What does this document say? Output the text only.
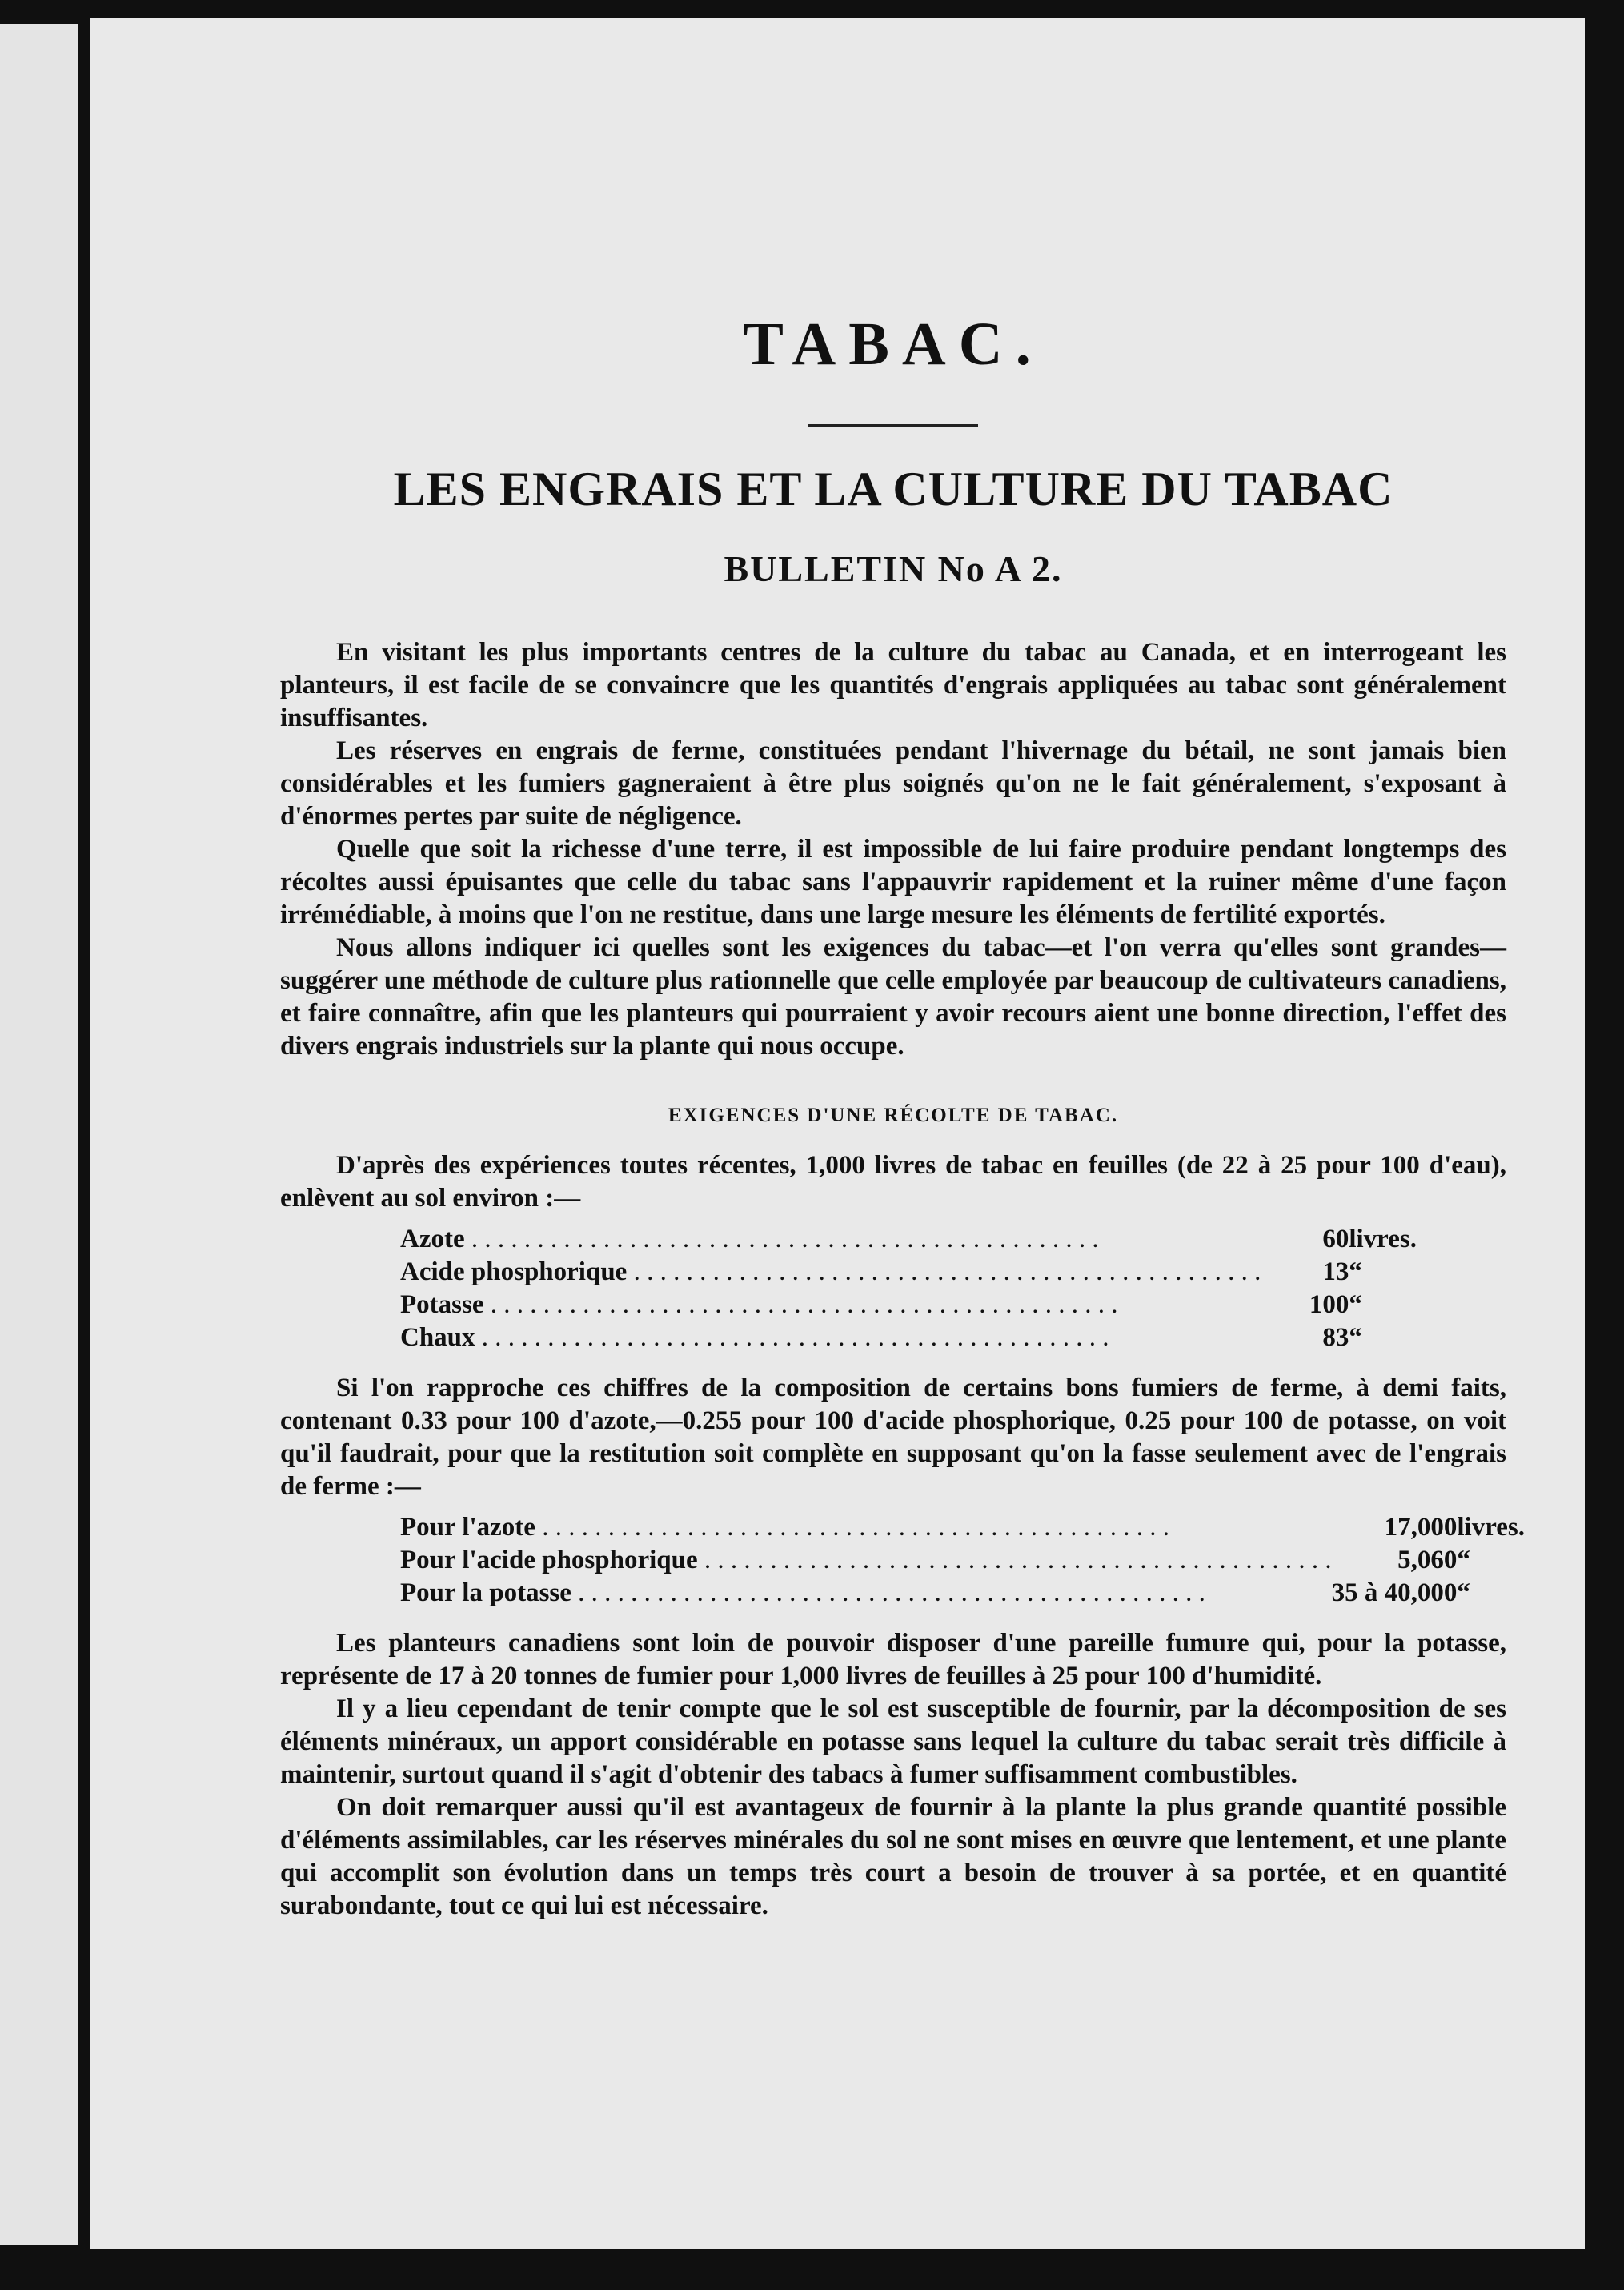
TABAC.
LES ENGRAIS ET LA CULTURE DU TABAC
BULLETIN No A 2.

En visitant les plus importants centres de la culture du tabac au Canada, et en interrogeant les planteurs, il est facile de se convaincre que les quantités d'engrais appliquées au tabac sont généralement insuffisantes.

Les réserves en engrais de ferme, constituées pendant l'hivernage du bétail, ne sont jamais bien considérables et les fumiers gagneraient à être plus soignés qu'on ne le fait généralement, s'exposant à d'énormes pertes par suite de négligence.

Quelle que soit la richesse d'une terre, il est impossible de lui faire produire pendant longtemps des récoltes aussi épuisantes que celle du tabac sans l'appauvrir rapidement et la ruiner même d'une façon irrémédiable, à moins que l'on ne restitue, dans une large mesure les éléments de fertilité exportés.

Nous allons indiquer ici quelles sont les exigences du tabac—et l'on verra qu'elles sont grandes—suggérer une méthode de culture plus rationnelle que celle employée par beaucoup de cultivateurs canadiens, et faire connaître, afin que les planteurs qui pourraient y avoir recours aient une bonne direction, l'effet des divers engrais industriels sur la plante qui nous occupe.

EXIGENCES D'UNE RÉCOLTE DE TABAC.

D'après des expériences toutes récentes, 1,000 livres de tabac en feuilles (de 22 à 25 pour 100 d'eau), enlèvent au sol environ :—

Azote . . .	60	livres.
Acide phosphorique . . .	13	“
Potasse . . .	100	“
Chaux . . .	83	“

Si l'on rapproche ces chiffres de la composition de certains bons fumiers de ferme, à demi faits, contenant 0.33 pour 100 d'azote,—0.255 pour 100 d'acide phosphorique, 0.25 pour 100 de potasse, on voit qu'il faudrait, pour que la restitution soit complète en supposant qu'on la fasse seulement avec de l'engrais de ferme :—

Pour l'azote . . .	17,000	livres.
Pour l'acide phosphorique . . .	5,060	“
Pour la potasse . . .	35 à 40,000	“

Les planteurs canadiens sont loin de pouvoir disposer d'une pareille fumure qui, pour la potasse, représente de 17 à 20 tonnes de fumier pour 1,000 livres de feuilles à 25 pour 100 d'humidité.

Il y a lieu cependant de tenir compte que le sol est susceptible de fournir, par la décomposition de ses éléments minéraux, un apport considérable en potasse sans lequel la culture du tabac serait très difficile à maintenir, surtout quand il s'agit d'obtenir des tabacs à fumer suffisamment combustibles.

On doit remarquer aussi qu'il est avantageux de fournir à la plante la plus grande quantité possible d'éléments assimilables, car les réserves minérales du sol ne sont mises en œuvre que lentement, et une plante qui accomplit son évolution dans un temps très court a besoin de trouver à sa portée, et en quantité surabondante, tout ce qui lui est nécessaire.
